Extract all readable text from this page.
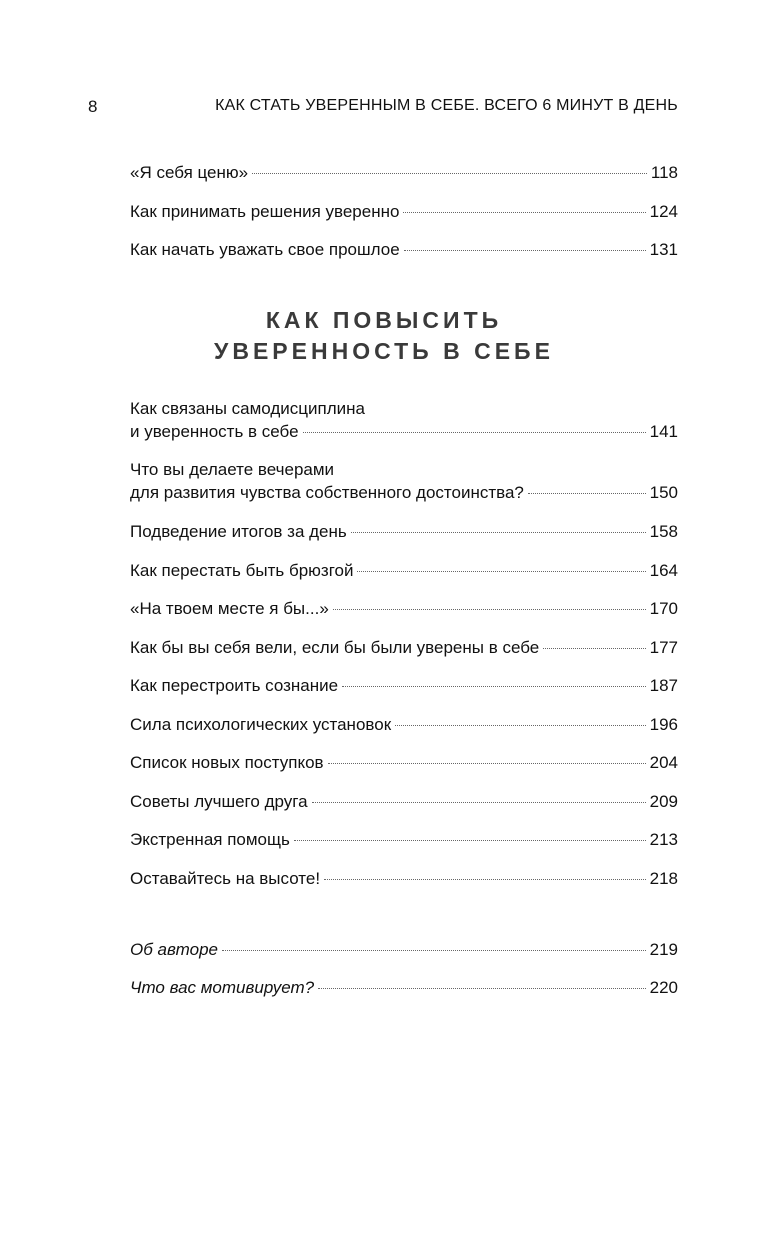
8	КАК СТАТЬ УВЕРЕННЫМ В СЕБЕ. ВСЕГО 6 МИНУТ В ДЕНЬ
«Я себя ценю»	118
Как принимать решения уверенно	124
Как начать уважать свое прошлое	131
КАК ПОВЫСИТЬ
УВЕРЕННОСТЬ В СЕБЕ
Как связаны самодисциплина
и уверенность в себе	141
Что вы делаете вечерами
для развития чувства собственного достоинства?	150
Подведение итогов за день	158
Как перестать быть брюзгой	164
«На твоем месте я бы...»	170
Как бы вы себя вели, если бы были уверены в себе	177
Как перестроить сознание	187
Сила психологических установок	196
Список новых поступков	204
Советы лучшего друга	209
Экстренная помощь	213
Оставайтесь на высоте!	218
Об авторе	219
Что вас мотивирует?	220
